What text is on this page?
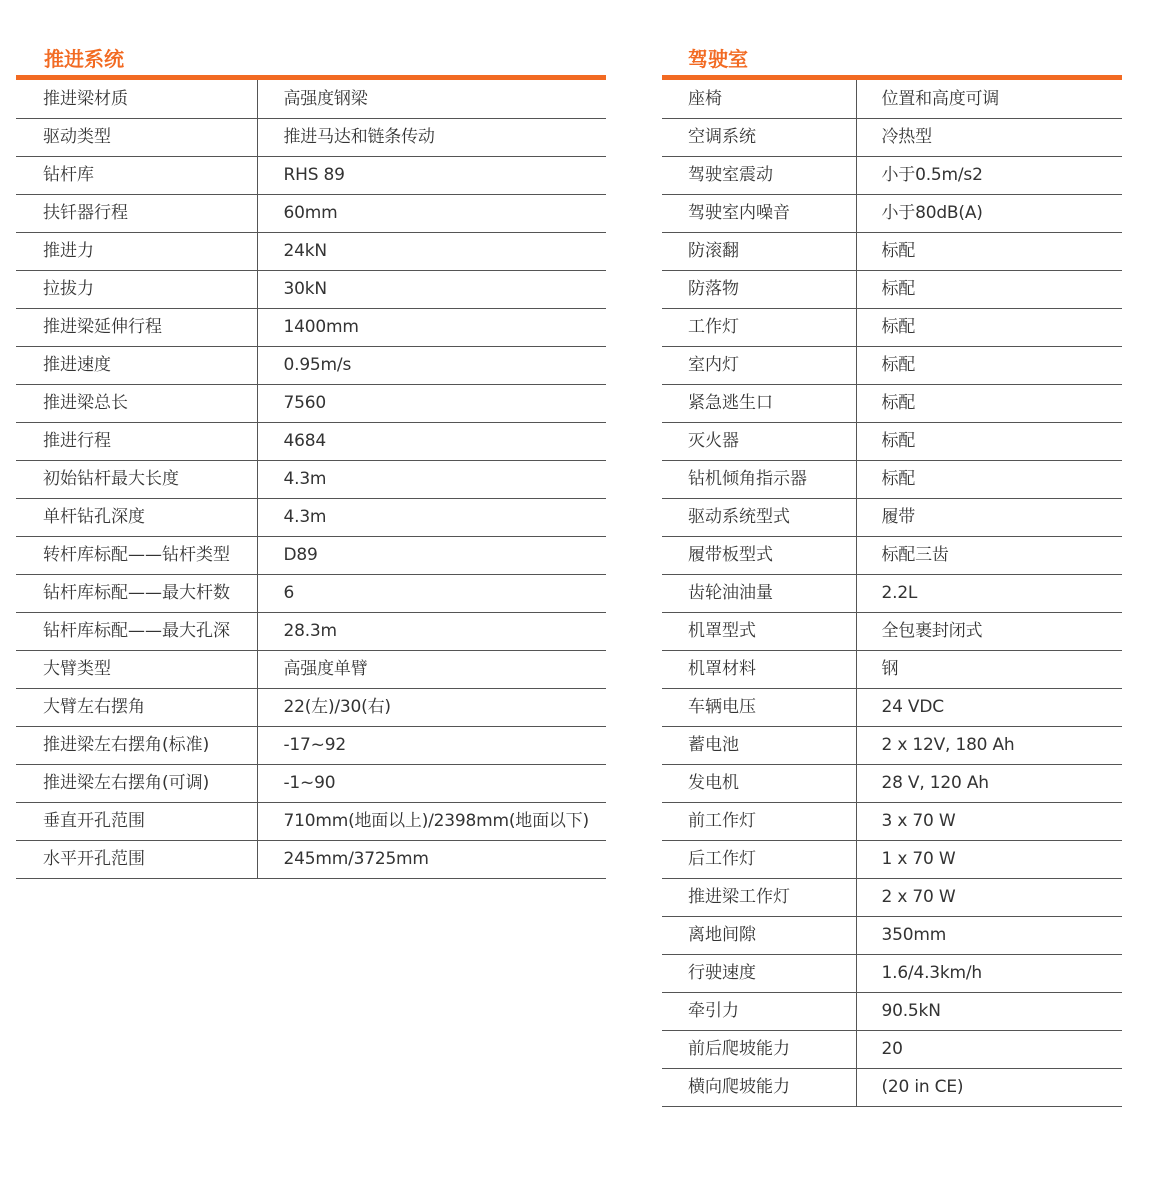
推进系统
推进梁材质	高强度钢梁
驱动类型	推进马达和链条传动
钻杆库	RHS 89
扶钎器行程	60mm
推进力	24kN
拉拔力	30kN
推进梁延伸行程	1400mm
推进速度	0.95m/s
推进梁总长	7560
推进行程	4684
初始钻杆最大长度	4.3m
单杆钻孔深度	4.3m
转杆库标配——钻杆类型	D89
钻杆库标配——最大杆数	6
钻杆库标配——最大孔深	28.3m
大臂类型	高强度单臂
大臂左右摆角	22(左)/30(右)
推进梁左右摆角(标准)	-17~92
推进梁左右摆角(可调)	-1~90
垂直开孔范围	710mm(地面以上)/2398mm(地面以下)
水平开孔范围	245mm/3725mm
驾驶室
座椅	位置和高度可调
空调系统	冷热型
驾驶室震动	小于0.5m/s2
驾驶室内噪音	小于80dB(A)
防滚翻	标配
防落物	标配
工作灯	标配
室内灯	标配
紧急逃生口	标配
灭火器	标配
钻机倾角指示器	标配
驱动系统型式	履带
履带板型式	标配三齿
齿轮油油量	2.2L
机罩型式	全包裹封闭式
机罩材料	钢
车辆电压	24 VDC
蓄电池	2 x 12V, 180 Ah
发电机	28 V, 120 Ah
前工作灯	3 x 70 W
后工作灯	1 x 70 W
推进梁工作灯	2 x 70 W
离地间隙	350mm
行驶速度	1.6/4.3km/h
牵引力	90.5kN
前后爬坡能力	20
横向爬坡能力	(20 in CE)
